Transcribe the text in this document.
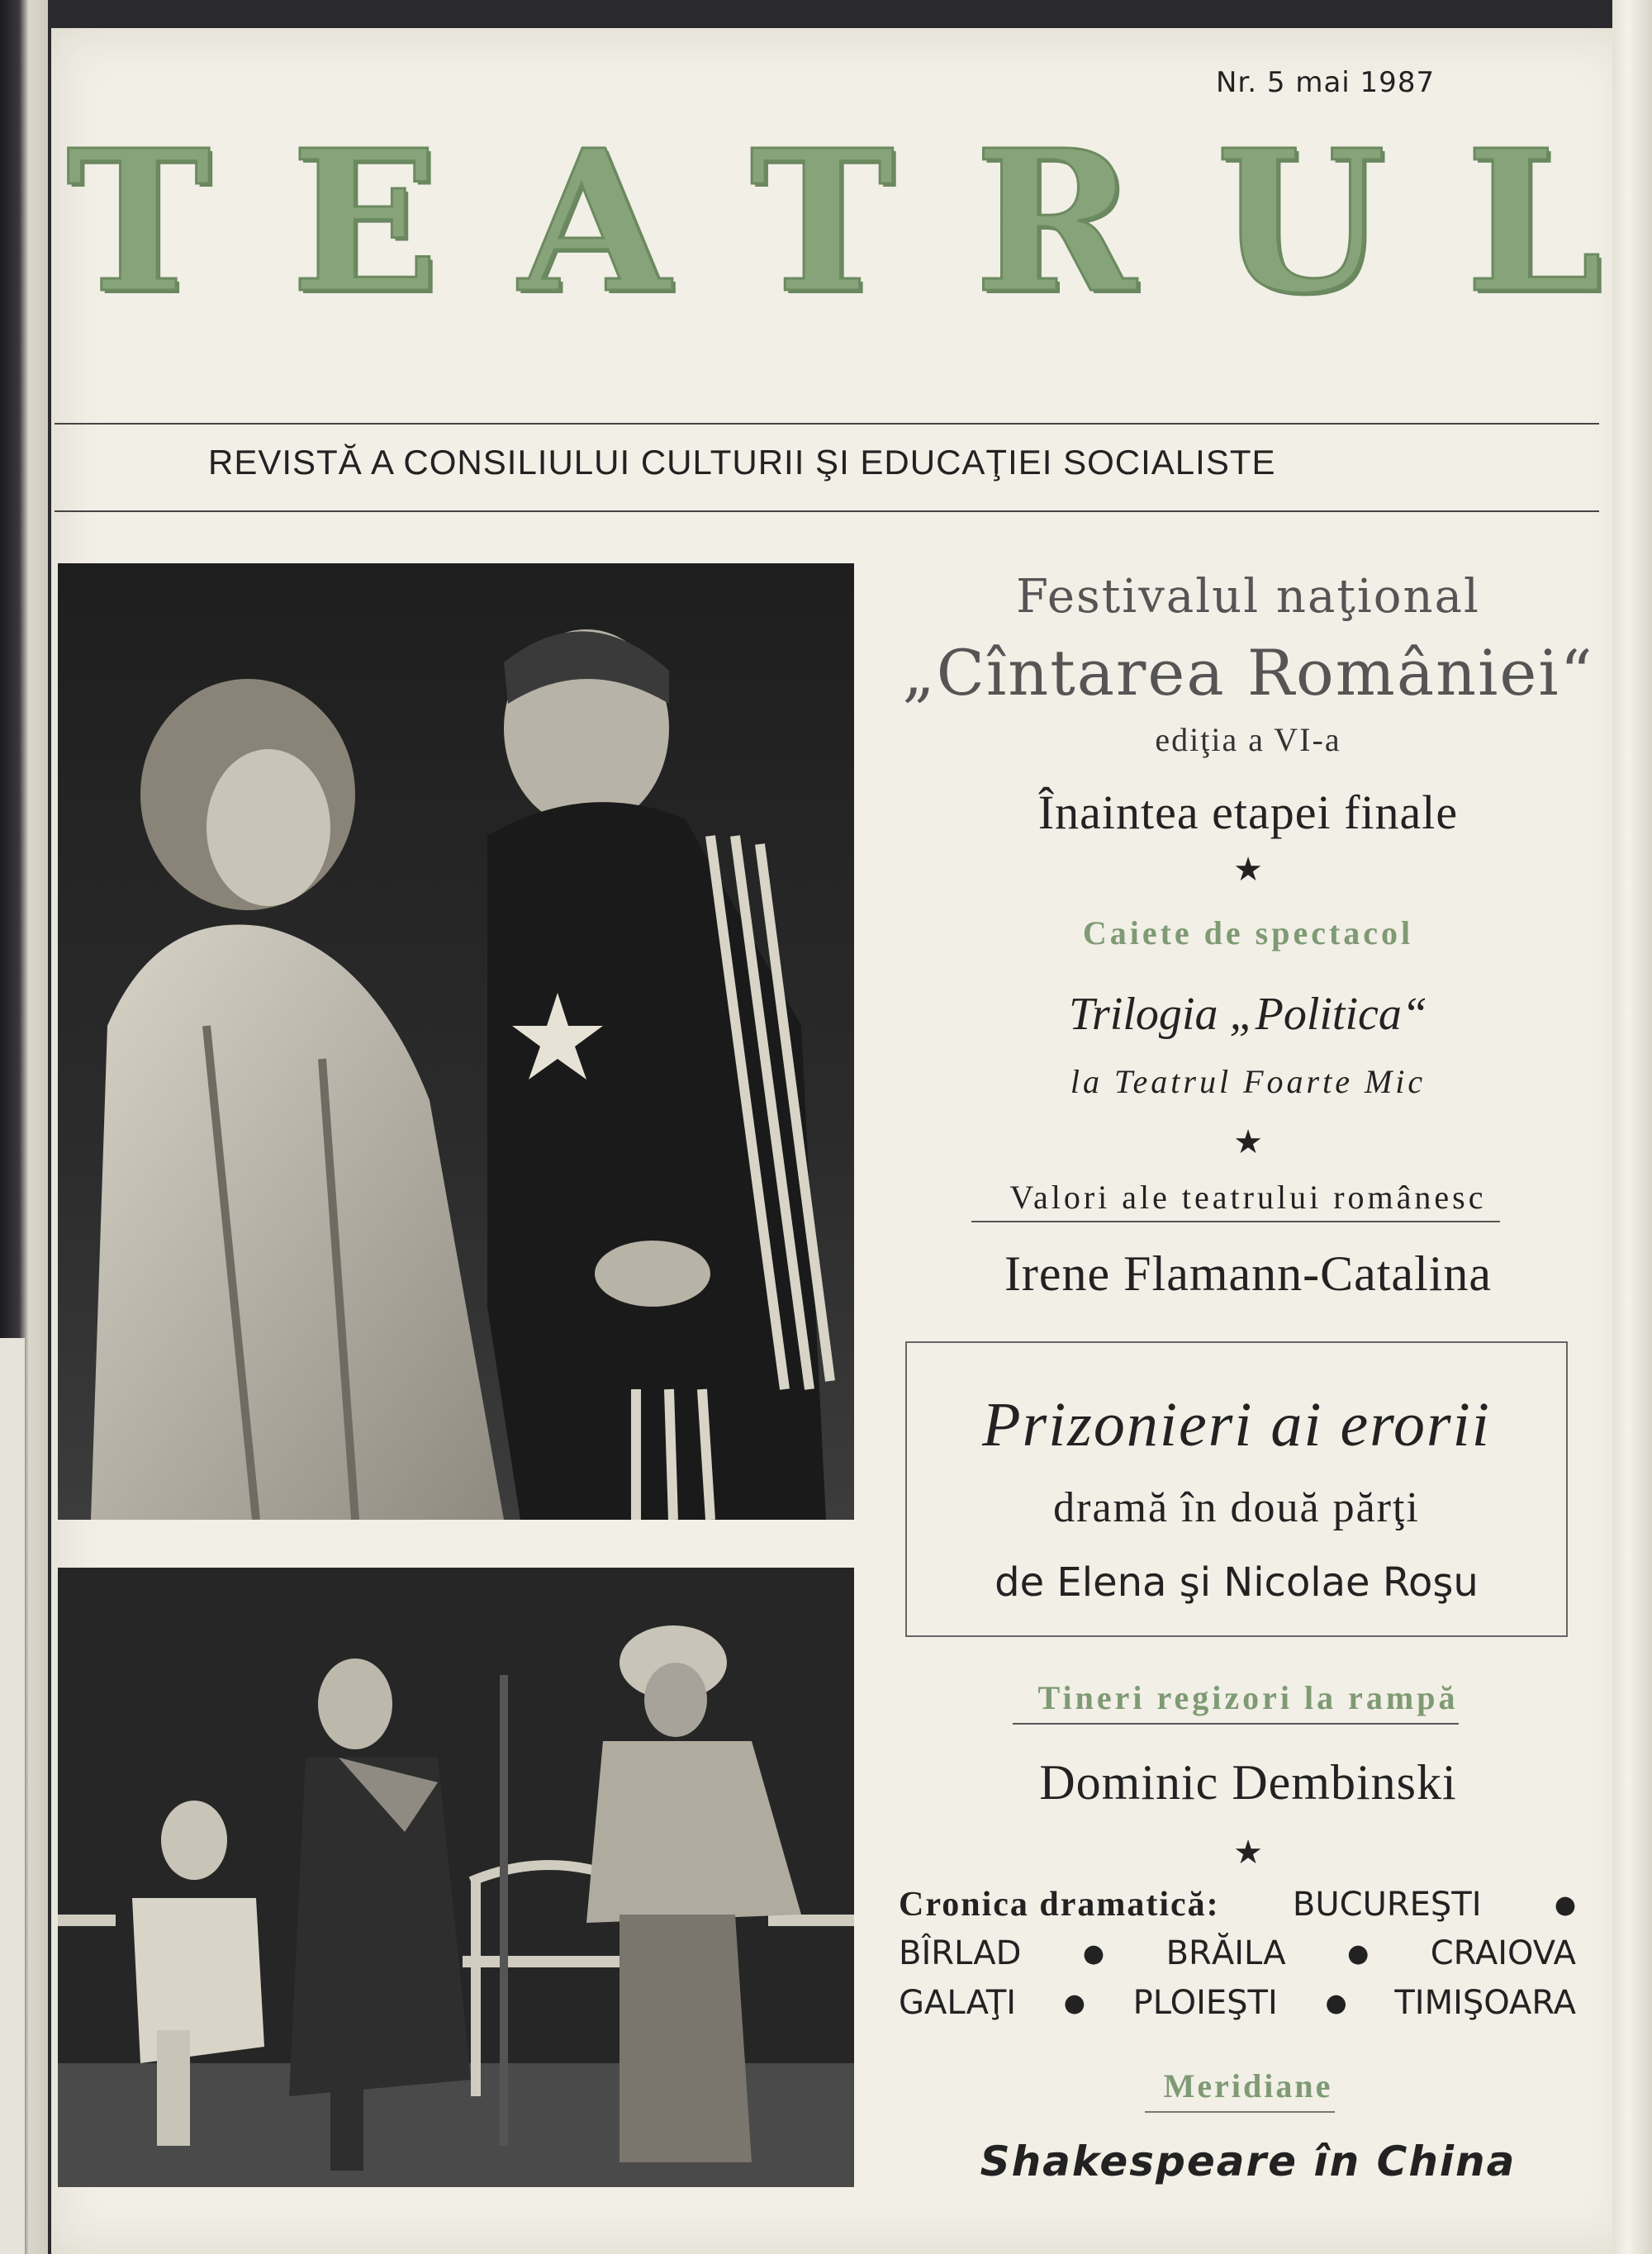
Nr. 5 mai 1987
T E A T R U L
REVISTĂ A CONSILIULUI CULTURII ŞI EDUCAŢIEI SOCIALISTE
Festivalul naţional
„Cîntarea României“
ediţia a VI-a
Înaintea etapei finale
★
Caiete de spectacol
Trilogia „Politica“
la Teatrul Foarte Mic
★
Valori ale teatrului românesc
Irene Flamann-Catalina
Prizonieri ai erorii
dramă în două părţi
de Elena şi Nicolae Roşu
Tineri regizori la rampă
Dominic Dembinski
★
Cronica dramatică: BUCUREŞTI	●
BÎRLAD ● BRĂILA ● CRAIOVA
GALAŢI ● PLOIEŞTI ● TIMIŞOARA
Meridiane
Shakespeare în China
